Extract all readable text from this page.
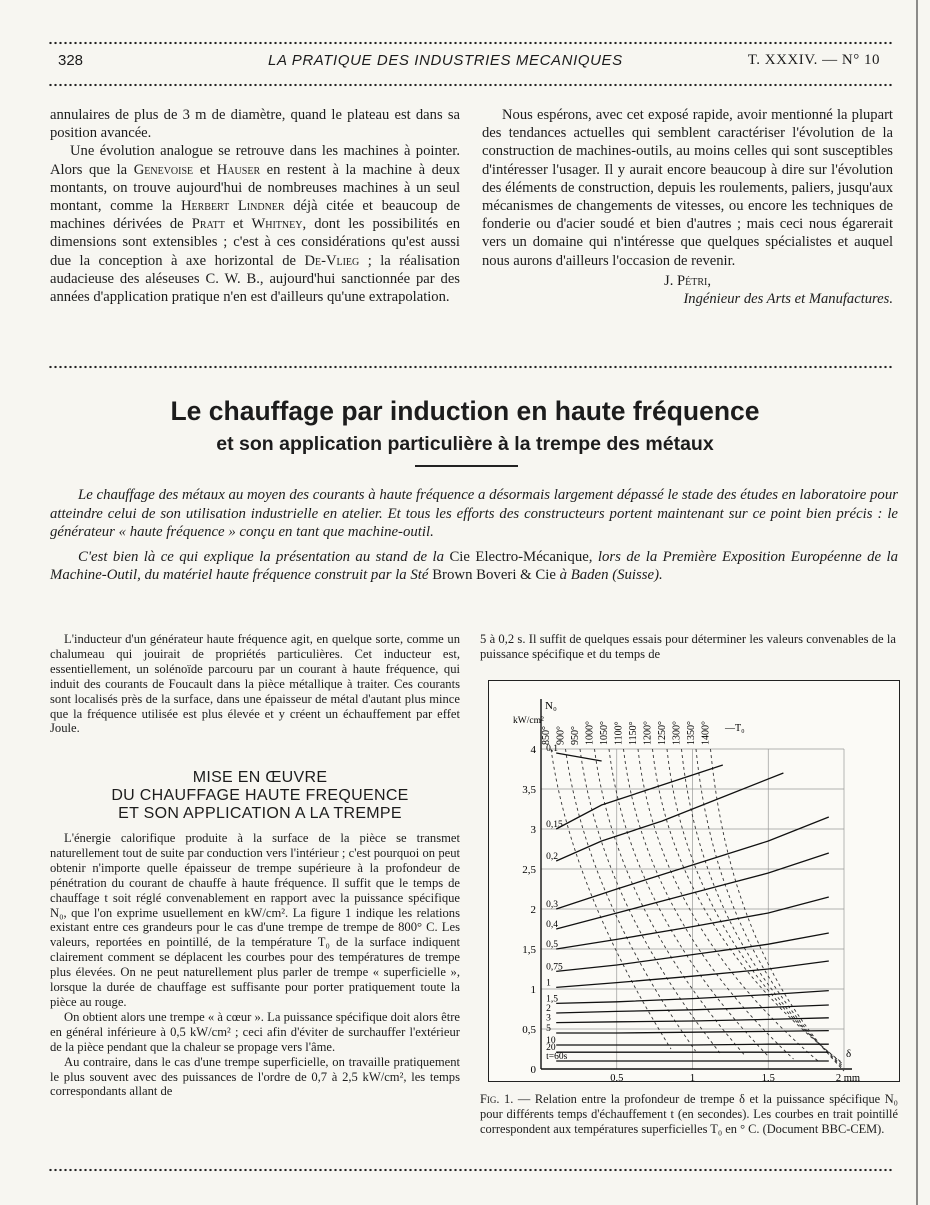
328	LA PRATIQUE DES INDUSTRIES MECANIQUES	T. XXXIV. — N° 10

annulaires de plus de 3 m de diamètre, quand le plateau est dans sa position avancée.

Une évolution analogue se retrouve dans les machines à pointer. Alors que la Genevoise et Hauser en restent à la machine à deux montants, on trouve aujourd'hui de nombreuses machines à un seul montant, comme la Herbert Lindner déjà citée et beaucoup de machines dérivées de Pratt et Whitney, dont les possibilités en dimensions sont extensibles ; c'est à ces considérations qu'est aussi due la conception à axe horizontal de De-Vlieg ; la réalisation audacieuse des aléseuses C. W. B., aujourd'hui sanctionnée par des années d'application pratique n'en est d'ailleurs qu'une extrapolation.

Nous espérons, avec cet exposé rapide, avoir mentionné la plupart des tendances actuelles qui semblent caractériser l'évolution de la construction de machines-outils, au moins celles qui sont susceptibles d'intéresser l'usager. Il y aurait encore beaucoup à dire sur l'évolution des éléments de construction, depuis les roulements, paliers, jusqu'aux mécanismes de changements de vitesses, ou encore les techniques de fonderie ou d'acier soudé et bien d'autres ; mais ceci nous égarerait vers un domaine qui n'intéresse que quelques spécialistes et auquel nous aurons d'ailleurs l'occasion de revenir.

J. Pétri,

Ingénieur des Arts et Manufactures.

Le chauffage par induction en haute fréquence
et son application particulière à la trempe des métaux

Le chauffage des métaux au moyen des courants à haute fréquence a désormais largement dépassé le stade des études en laboratoire pour atteindre celui de son utilisation industrielle en atelier. Et tous les efforts des constructeurs portent maintenant sur ce point bien précis : le générateur « haute fréquence » conçu en tant que machine-outil.

C'est bien là ce qui explique la présentation au stand de la Cie Electro-Mécanique, lors de la Première Exposition Européenne de la Machine-Outil, du matériel haute fréquence construit par la Sté Brown Boveri & Cie à Baden (Suisse).

L'inducteur d'un générateur haute fréquence agit, en quelque sorte, comme un chalumeau qui jouirait de propriétés particulières. Cet inducteur est, essentiellement, un solénoïde parcouru par un courant à haute fréquence, qui induit des courants de Foucault dans la pièce métallique à traiter. Ces courants sont localisés près de la surface, dans une épaisseur de métal d'autant plus mince que la fréquence utilisée est plus élevée et y créent un échauffement par effet Joule.

MISE EN ŒUVRE
DU CHAUFFAGE HAUTE FREQUENCE
ET SON APPLICATION A LA TREMPE

L'énergie calorifique produite à la surface de la pièce se transmet naturellement tout de suite par conduction vers l'intérieur ; c'est pourquoi on peut obtenir n'importe quelle épaisseur de trempe supérieure à la profondeur de pénétration du courant de chauffe à haute fréquence. Il suffit que le temps de chauffage t soit réglé convenablement en rapport avec la puissance spécifique N₀, que l'on exprime usuellement en kW/cm². La figure 1 indique les relations existant entre ces grandeurs pour le cas d'une trempe de trempe de 800° C. Les valeurs, reportées en pointillé, de la température T₀ de la surface indiquent clairement comment se déplacent les courbes pour des températures de trempe plus élevées. On ne peut naturellement plus parler de trempe « superficielle », lorsque la durée de chauffage est suffisante pour porter pratiquement toute la pièce au rouge.

On obtient alors une trempe « à cœur ». La puissance spécifique doit alors être en général inférieure à 0,5 kW/cm² ; ceci afin d'éviter de surchauffer l'extérieur de la pièce pendant que la chaleur se propage vers l'âme.

Au contraire, dans le cas d'une trempe superficielle, on travaille pratiquement le plus souvent avec des puissances de l'ordre de 0,7 à 2,5 kW/cm², les temps correspondants allant de

5 à 0,2 s. Il suffit de quelques essais pour déterminer les valeurs convenables de la puissance spécifique et du temps de

0
0,5
1
1,5
2
2,5
3
3,5
4
0,5	1	1,5	2 mm
N₀
kW/cm²
δ
850° 900° 950° 1000° 1050° 1100° 1150° 1200° 1250° 1300° 1350° 1400° —T₀
0,1
0,15
0,2
0,3
0,4
0,5
0,75
1
1,5
2
3
5
10
20
t=60s
Fig. 1. — Relation entre la profondeur de trempe δ et la puissance spécifique N₀ pour différents temps d'échauffement t (en secondes). Les courbes en trait pointillé correspondent aux températures superficielles T₀ en ° C. (Document BBC-CEM).
